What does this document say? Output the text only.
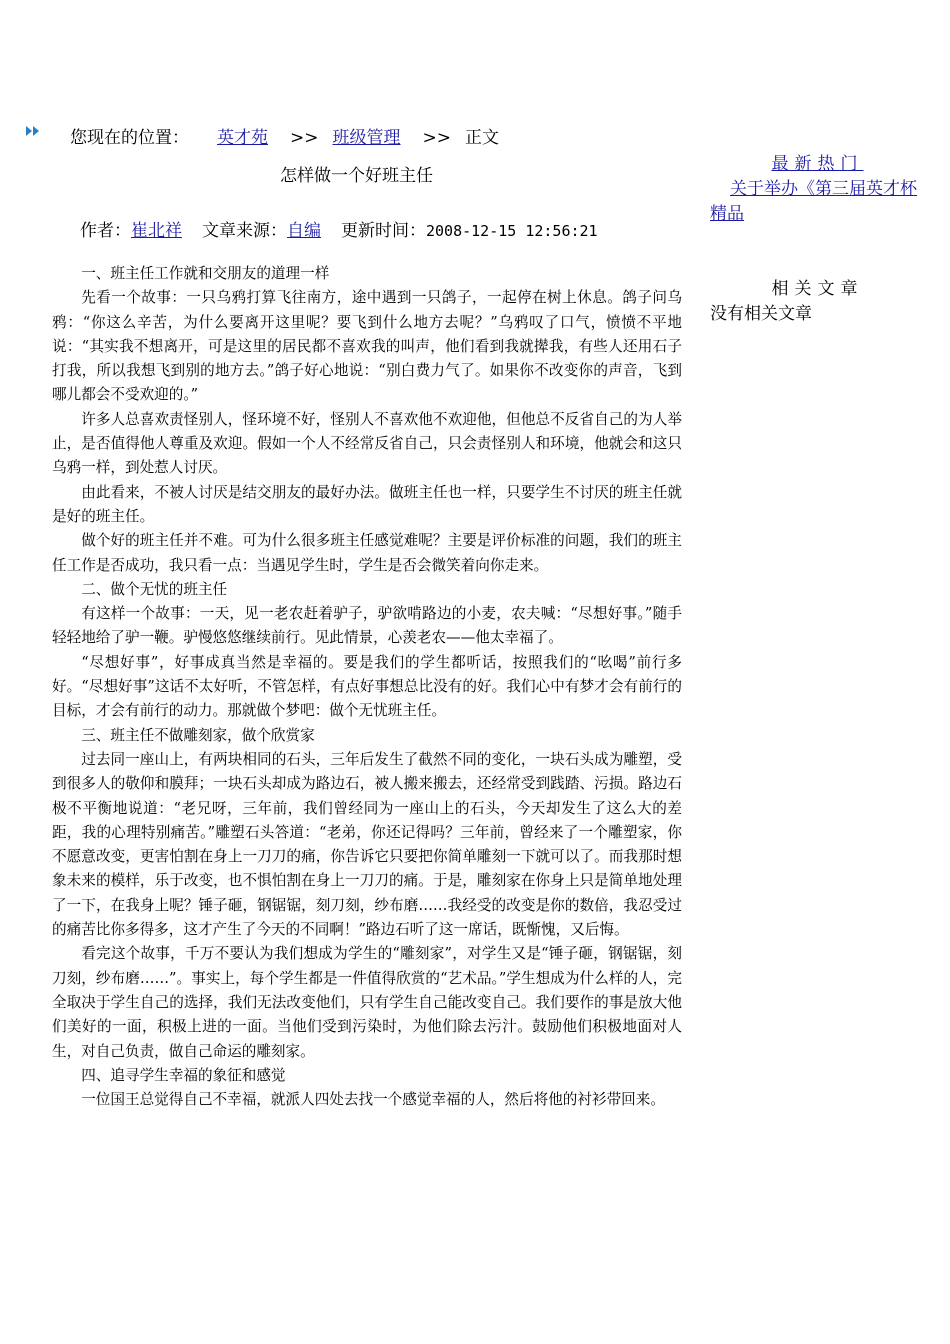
您现在的位置： 英才苑 >> 班级管理 >> 正文
怎样做一个好班主任
作者：崔北祥 文章来源：自编 更新时间：2008-12-15 12:56:21

一、班主任工作就和交朋友的道理一样

先看一个故事：一只乌鸦打算飞往南方，途中遇到一只鸽子，一起停在树上休息。鸽子问乌鸦：“你这么辛苦，为什么要离开这里呢？要飞到什么地方去呢？”乌鸦叹了口气，愤愤不平地说：“其实我不想离开，可是这里的居民都不喜欢我的叫声，他们看到我就撵我，有些人还用石子打我，所以我想飞到别的地方去。”鸽子好心地说：“别白费力气了。如果你不改变你的声音，飞到哪儿都会不受欢迎的。”

许多人总喜欢责怪别人，怪环境不好，怪别人不喜欢他不欢迎他，但他总不反省自己的为人举止，是否值得他人尊重及欢迎。假如一个人不经常反省自己，只会责怪别人和环境，他就会和这只乌鸦一样，到处惹人讨厌。

由此看来，不被人讨厌是结交朋友的最好办法。做班主任也一样，只要学生不讨厌的班主任就是好的班主任。

做个好的班主任并不难。可为什么很多班主任感觉难呢？主要是评价标准的问题，我们的班主任工作是否成功，我只看一点：当遇见学生时，学生是否会微笑着向你走来。

二、做个无忧的班主任

有这样一个故事：一天，见一老农赶着驴子，驴欲啃路边的小麦，农夫喊：“尽想好事。”随手轻轻地给了驴一鞭。驴慢悠悠继续前行。见此情景，心羡老农——他太幸福了。

“尽想好事”，好事成真当然是幸福的。要是我们的学生都听话，按照我们的“吆喝”前行多好。“尽想好事”这话不太好听，不管怎样，有点好事想总比没有的好。我们心中有梦才会有前行的目标，才会有前行的动力。那就做个梦吧：做个无忧班主任。

三、班主任不做雕刻家，做个欣赏家

过去同一座山上，有两块相同的石头，三年后发生了截然不同的变化，一块石头成为雕塑，受到很多人的敬仰和膜拜；一块石头却成为路边石，被人搬来搬去，还经常受到践踏、污损。路边石极不平衡地说道：“老兄呀，三年前，我们曾经同为一座山上的石头，今天却发生了这么大的差距，我的心理特别痛苦。”雕塑石头答道：“老弟，你还记得吗？三年前，曾经来了一个雕塑家，你不愿意改变，更害怕割在身上一刀刀的痛，你告诉它只要把你简单雕刻一下就可以了。而我那时想象未来的模样，乐于改变，也不惧怕割在身上一刀刀的痛。于是，雕刻家在你身上只是简单地处理了一下，在我身上呢？锤子砸，钢锯锯，刻刀刻，纱布磨……我经受的改变是你的数倍，我忍受过的痛苦比你多得多，这才产生了今天的不同啊！”路边石听了这一席话，既惭愧，又后悔。

看完这个故事，千万不要认为我们想成为学生的“雕刻家”，对学生又是“锤子砸，钢锯锯，刻刀刻，纱布磨……”。事实上，每个学生都是一件值得欣赏的“艺术品。”学生想成为什么样的人，完全取决于学生自己的选择，我们无法改变他们，只有学生自己能改变自己。我们要作的事是放大他们美好的一面，积极上进的一面。当他们受到污染时，为他们除去污汁。鼓励他们积极地面对人生，对自己负责，做自己命运的雕刻家。

四、追寻学生幸福的象征和感觉

一位国王总觉得自己不幸福，就派人四处去找一个感觉幸福的人，然后将他的衬衫带回来。

最新热门
关于举办《第三届英才杯精品
相关文章
没有相关文章
